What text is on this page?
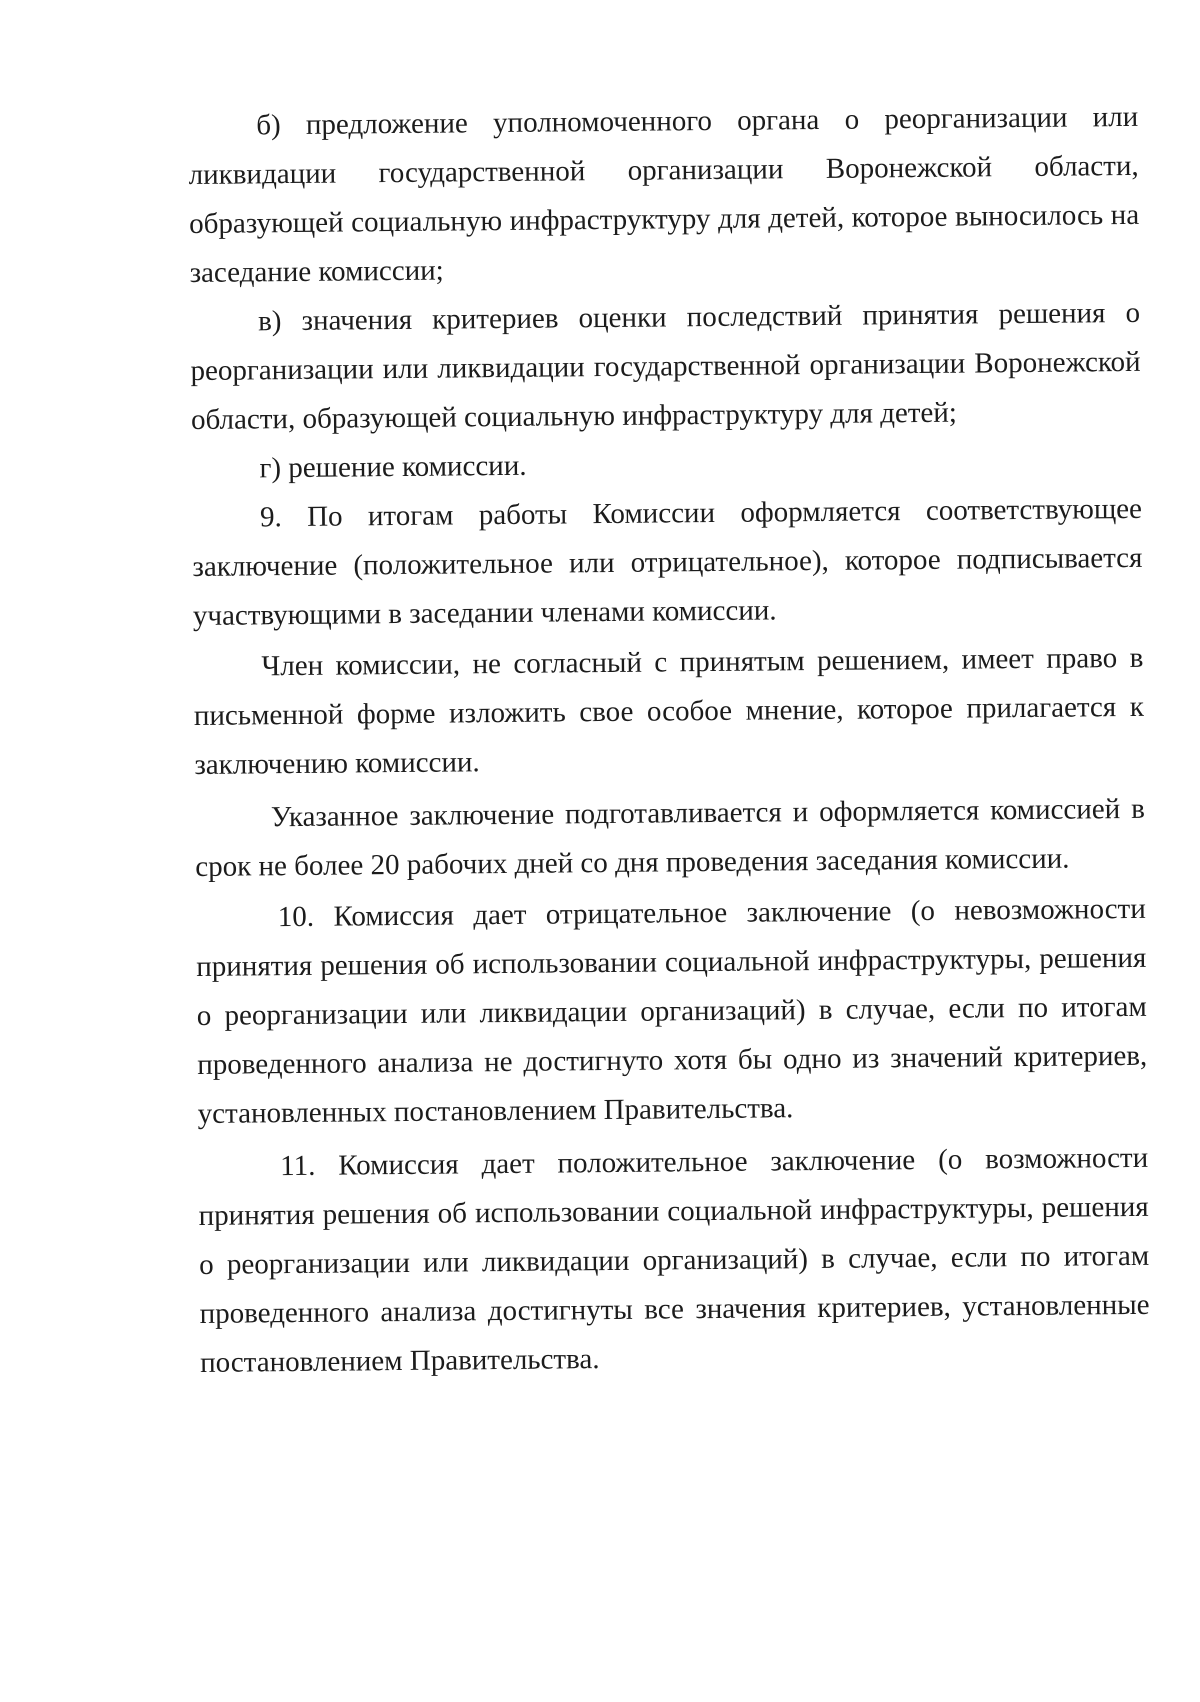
б) предложение уполномоченного органа о реорганизации или ликвидации государственной организации Воронежской области, образующей социальную инфраструктуру для детей, которое выносилось на заседание комиссии;

в) значения критериев оценки последствий принятия решения о реорганизации или ликвидации государственной организации Воронежской области, образующей социальную инфраструктуру для детей;

г) решение комиссии.

9. По итогам работы Комиссии оформляется соответствующее заключение (положительное или отрицательное), которое подписывается участвующими в заседании членами комиссии.

Член комиссии, не согласный с принятым решением, имеет право в письменной форме изложить свое особое мнение, которое прилагается к заключению комиссии.

Указанное заключение подготавливается и оформляется комиссией в срок не более 20 рабочих дней со дня проведения заседания комиссии.

10. Комиссия дает отрицательное заключение (о невозможности принятия решения об использовании социальной инфраструктуры, решения о реорганизации или ликвидации организаций) в случае, если по итогам проведенного анализа не достигнуто хотя бы одно из значений критериев, установленных постановлением Правительства.

11. Комиссия дает положительное заключение (о возможности принятия решения об использовании социальной инфраструктуры, решения о реорганизации или ликвидации организаций) в случае, если по итогам проведенного анализа достигнуты все значения критериев, установленные постановлением Правительства.
